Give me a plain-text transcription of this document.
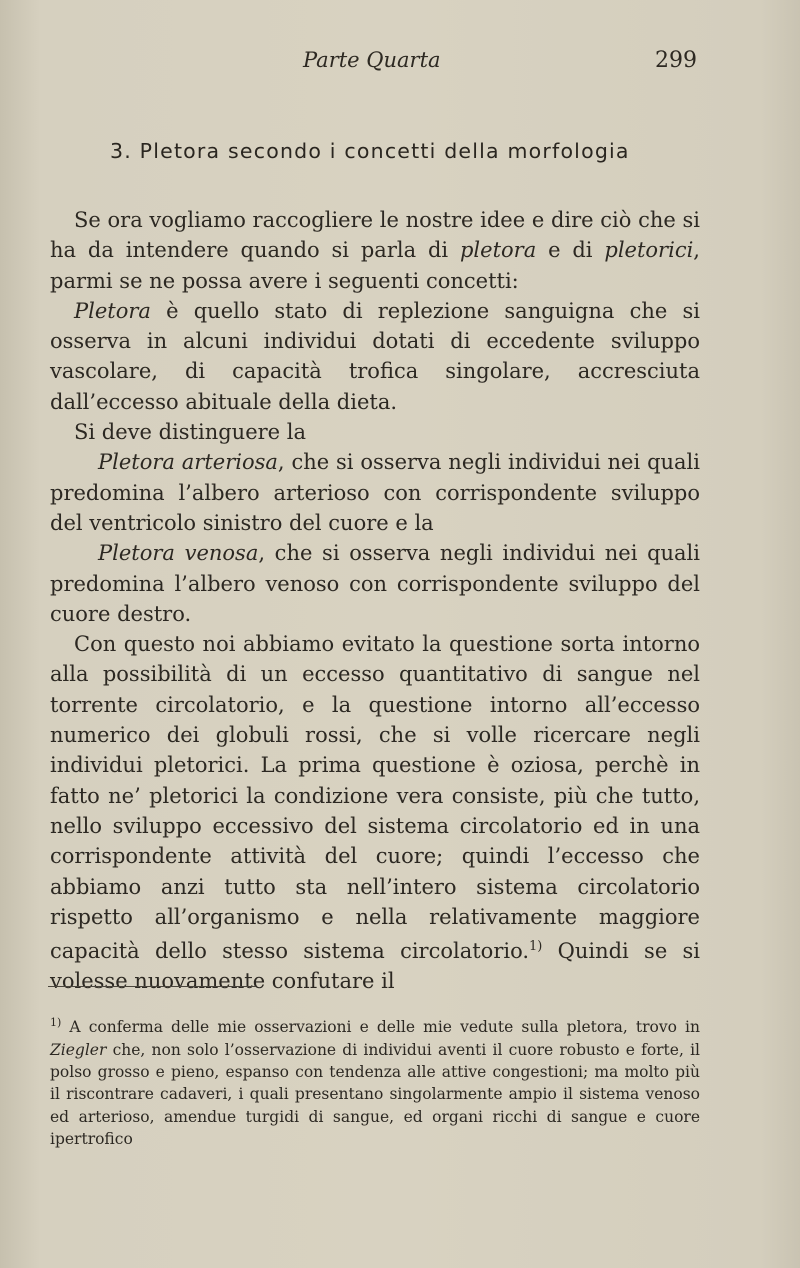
Parte Quarta	299
3. Pletora secondo i concetti della morfologia

Se ora vogliamo raccogliere le nostre idee e dire ciò che si ha da intendere quando si parla di pletora e di pletorici, parmi se ne possa avere i seguenti concetti:

Pletora è quello stato di replezione sanguigna che si osserva in alcuni individui dotati di eccedente sviluppo vascolare, di capacità trofica singolare, accresciuta dall’eccesso abituale della dieta.

Si deve distinguere la

Pletora arteriosa, che si osserva negli individui nei quali predomina l’albero arterioso con corrispondente sviluppo del ventricolo sinistro del cuore e la

Pletora venosa, che si osserva negli individui nei quali predomina l’albero venoso con corrispondente sviluppo del cuore destro.

Con questo noi abbiamo evitato la questione sorta intorno alla possibilità di un eccesso quantitativo di sangue nel torrente circolatorio, e la questione intorno all’eccesso numerico dei globuli rossi, che si volle ricercare negli individui pletorici. La prima questione è oziosa, perchè in fatto ne’ pletorici la condizione vera consiste, più che tutto, nello sviluppo eccessivo del sistema circolatorio ed in una corrispondente attività del cuore; quindi l’eccesso che abbiamo anzi tutto sta nell’intero sistema circolatorio rispetto all’organismo e nella relativamente maggiore capacità dello stesso sistema circolatorio.$^{1)}$ Quindi se si volesse nuovamente confutare il

$^{1)}$ A conferma delle mie osservazioni e delle mie vedute sulla pletora, trovo in Ziegler che, non solo l’osservazione di individui aventi il cuore robusto e forte, il polso grosso e pieno, espanso con tendenza alle attive congestioni; ma molto più il riscontrare cadaveri, i quali presentano singolarmente ampio il sistema venoso ed arterioso, amendue turgidi di sangue, ed organi ricchi di sangue e cuore ipertrofico
